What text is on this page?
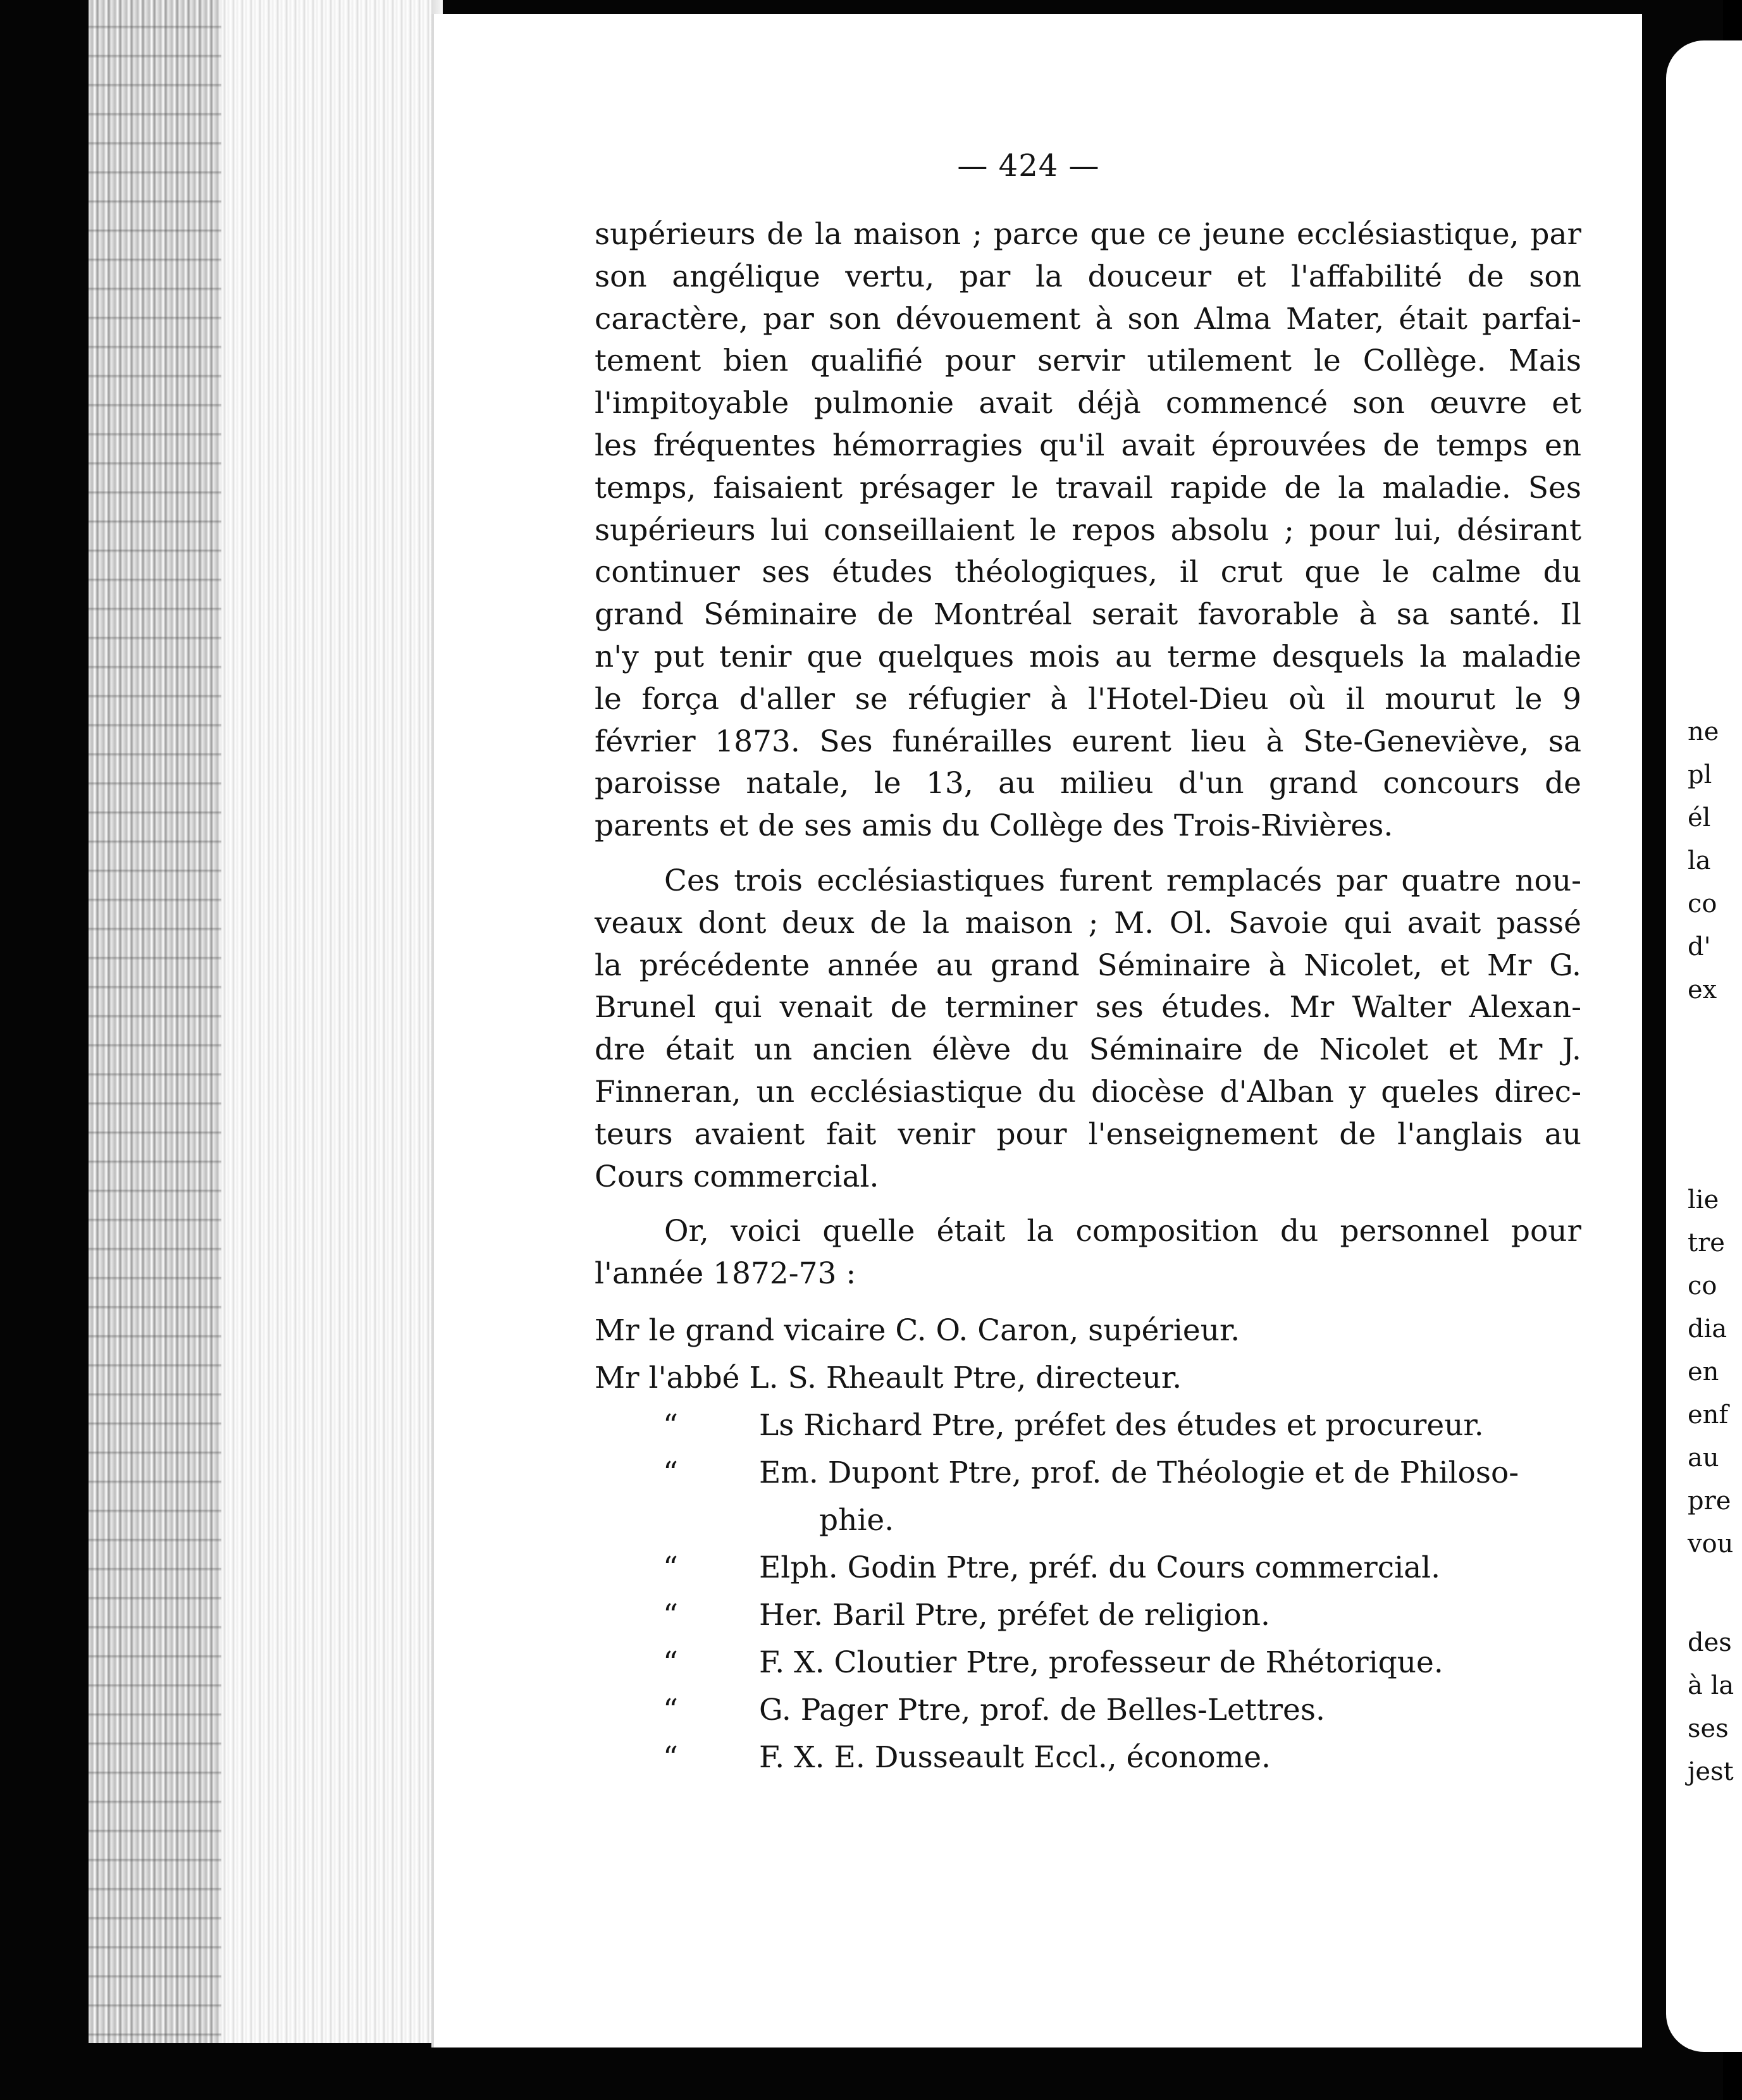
ne
pl
él
la
co
d'
ex
lie
tre
co
dia
en
enf
au
pre
vou
des
à la
ses
jest
— 424 —
supérieurs de la maison ; parce que ce jeune ecclésiastique, par
son angélique vertu, par la douceur et l'affabilité de son
caractère, par son dévouement à son Alma Mater, était parfai-
tement bien qualifié pour servir utilement le Collège. Mais
l'impitoyable pulmonie avait déjà commencé son œuvre et
les fréquentes hémorragies qu'il avait éprouvées de temps en
temps, faisaient présager le travail rapide de la maladie. Ses
supérieurs lui conseillaient le repos absolu ; pour lui, désirant
continuer ses études théologiques, il crut que le calme du
grand Séminaire de Montréal serait favorable à sa santé. Il
n'y put tenir que quelques mois au terme desquels la maladie
le força d'aller se réfugier à l'Hotel-Dieu où il mourut le 9
février 1873. Ses funérailles eurent lieu à Ste-Geneviève, sa
paroisse natale, le 13, au milieu d'un grand concours de
parents et de ses amis du Collège des Trois-Rivières.
Ces trois ecclésiastiques furent remplacés par quatre nou-
veaux dont deux de la maison ; M. Ol. Savoie qui avait passé
la précédente année au grand Séminaire à Nicolet, et Mr G.
Brunel qui venait de terminer ses études. Mr Walter Alexan-
dre était un ancien élève du Séminaire de Nicolet et Mr J.
Finneran, un ecclésiastique du diocèse d'Alban y queles direc-
teurs avaient fait venir pour l'enseignement de l'anglais au
Cours commercial.
Or, voici quelle était la composition du personnel pour
l'année 1872-73 :
Mr le grand vicaire C. O. Caron, supérieur.
Mr l'abbé L. S. Rheault Ptre, directeur.
“	Ls Richard Ptre, préfet des études et procureur.
“	Em. Dupont Ptre, prof. de Théologie et de Philoso-
phie.
“	Elph. Godin Ptre, préf. du Cours commercial.
“	Her. Baril Ptre, préfet de religion.
“	F. X. Cloutier Ptre, professeur de Rhétorique.
“	G. Pager Ptre, prof. de Belles-Lettres.
“	F. X. E. Dusseault Eccl., économe.
